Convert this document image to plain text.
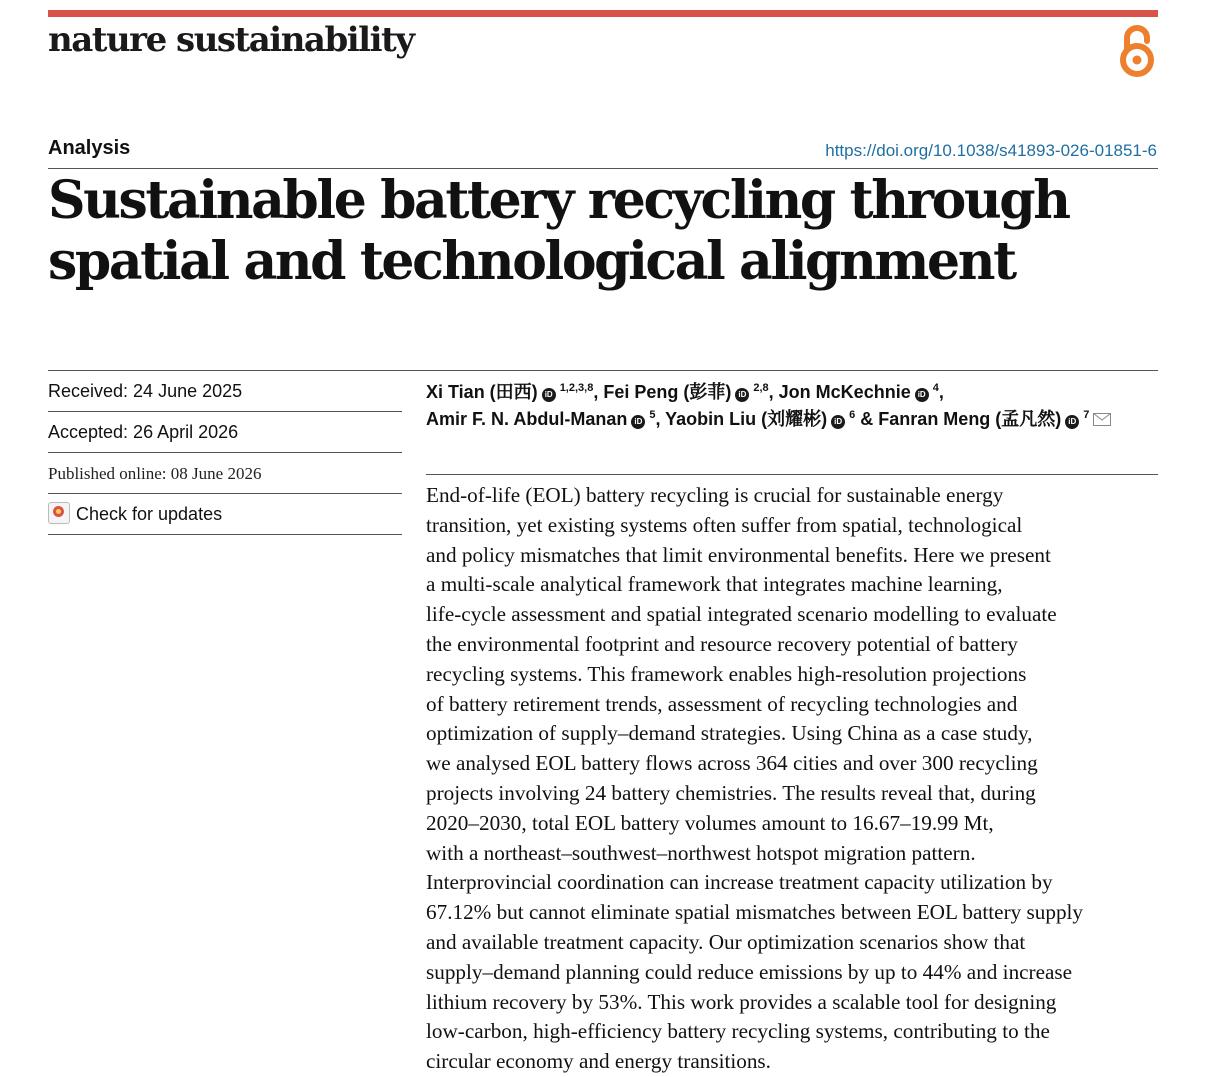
nature sustainability
Analysis	https://doi.org/10.1038/s41893-026-01851-6
Sustainable battery recycling through
spatial and technological alignment
Received: 24 June 2025
Accepted: 26 April 2026
Published online: 08 June 2026
Check for updates
Xi Tian (田西) iD$^{1,2,3,8}$, Fei Peng (彭菲) iD$^{2,8}$, Jon McKechnie iD$^4$,
Amir F. N. Abdul-Manan iD$^5$, Yaobin Liu (刘耀彬) iD$^6$ & Fanran Meng (孟凡然) iD$^7$
End-of-life (EOL) battery recycling is crucial for sustainable energy
transition, yet existing systems often suffer from spatial, technological
and policy mismatches that limit environmental benefits. Here we present
a multi-scale analytical framework that integrates machine learning,
life-cycle assessment and spatial integrated scenario modelling to evaluate
the environmental footprint and resource recovery potential of battery
recycling systems. This framework enables high-resolution projections
of battery retirement trends, assessment of recycling technologies and
optimization of supply–demand strategies. Using China as a case study,
we analysed EOL battery flows across 364 cities and over 300 recycling
projects involving 24 battery chemistries. The results reveal that, during
2020–2030, total EOL battery volumes amount to 16.67–19.99 Mt,
with a northeast–southwest–northwest hotspot migration pattern.
Interprovincial coordination can increase treatment capacity utilization by
67.12% but cannot eliminate spatial mismatches between EOL battery supply
and available treatment capacity. Our optimization scenarios show that
supply–demand planning could reduce emissions by up to 44% and increase
lithium recovery by 53%. This work provides a scalable tool for designing
low-carbon, high-efficiency battery recycling systems, contributing to the
circular economy and energy transitions.
